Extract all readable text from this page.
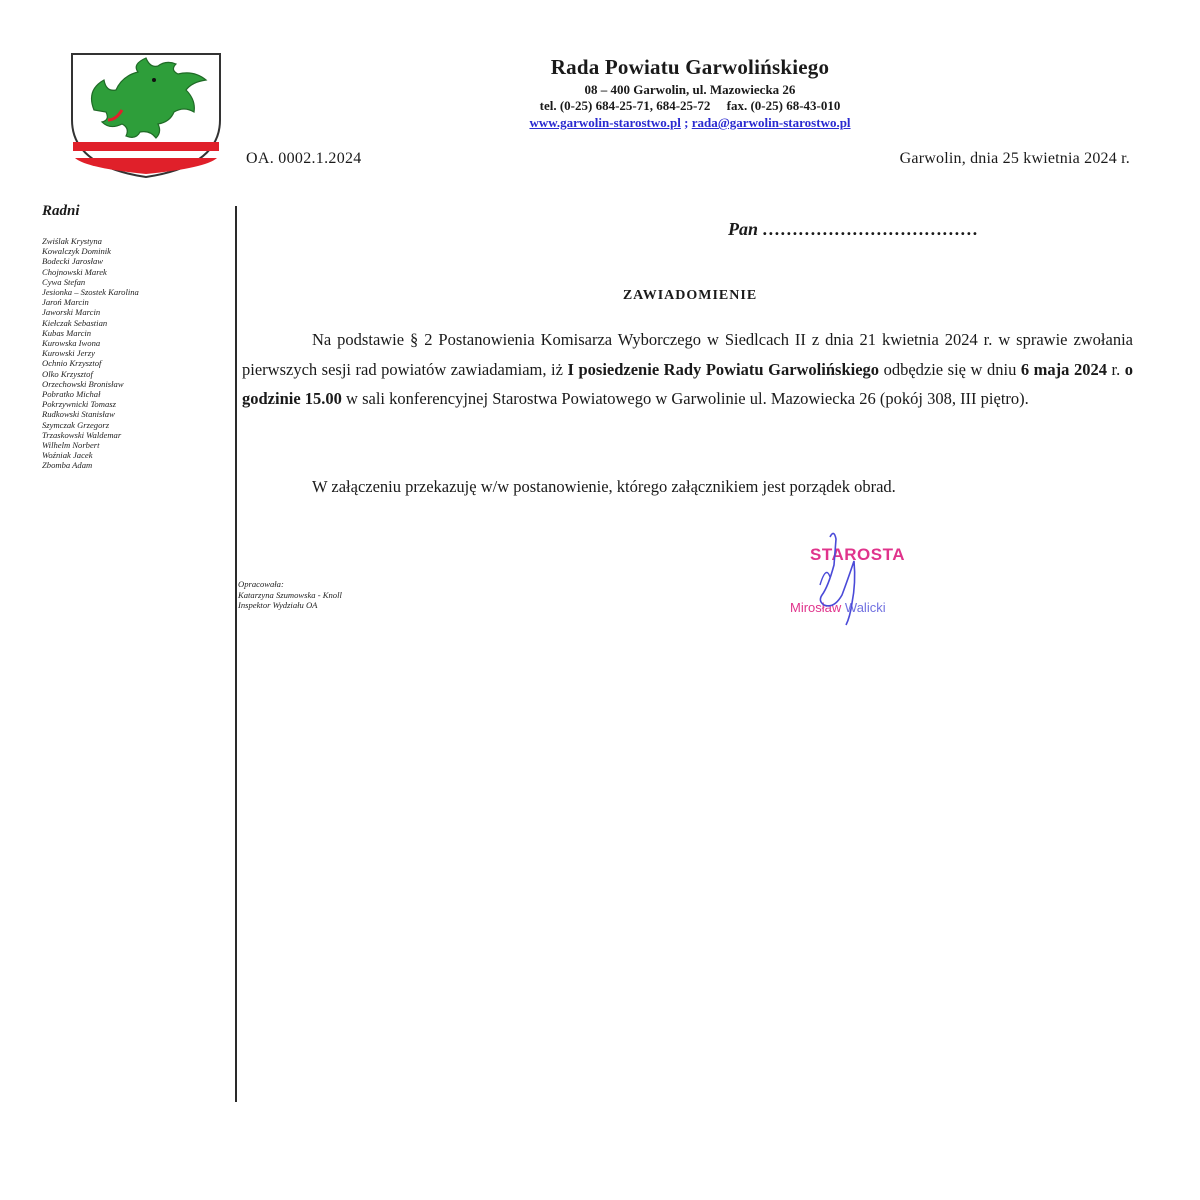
Rada Powiatu Garwolińskiego
08 – 400 Garwolin, ul. Mazowiecka 26
tel. (0-25) 684-25-71, 684-25-72     fax. (0-25) 68-43-010
www.garwolin-starostwo.pl ; rada@garwolin-starostwo.pl
OA. 0002.1.2024	Garwolin, dnia 25 kwietnia 2024 r.
Radni
Zwiślak Krystyna
Kowalczyk Dominik
Bodecki Jarosław
Chojnowski Marek
Cywa Stefan
Jesionka – Szostek Karolina
Jaroń Marcin
Jaworski Marcin
Kiełczak Sebastian
Kubas Marcin
Kurowska Iwona
Kurowski Jerzy
Ochnio Krzysztof
Olko Krzysztof
Orzechowski Bronisław
Pobratko Michał
Pokrzywnicki Tomasz
Rudkowski Stanisław
Szymczak Grzegorz
Trzaskowski Waldemar
Wilhelm Norbert
Woźniak Jacek
Zbomba Adam
Opracowała:
Katarzyna Szumowska - Knoll
Inspektor Wydziału OA
Pan ………………………………
ZAWIADOMIENIE
Na podstawie § 2 Postanowienia Komisarza Wyborczego w Siedlcach II z dnia 21 kwietnia 2024 r. w sprawie zwołania pierwszych sesji rad powiatów zawiadamiam, iż I posiedzenie Rady Powiatu Garwolińskiego odbędzie się w dniu 6 maja 2024 r. o godzinie 15.00 w sali konferencyjnej Starostwa Powiatowego w Garwolinie ul. Mazowiecka 26 (pokój 308, III piętro).
W załączeniu przekazuję w/w postanowienie, którego załącznikiem jest porządek obrad.
STAROSTA
Mirosław Walicki
